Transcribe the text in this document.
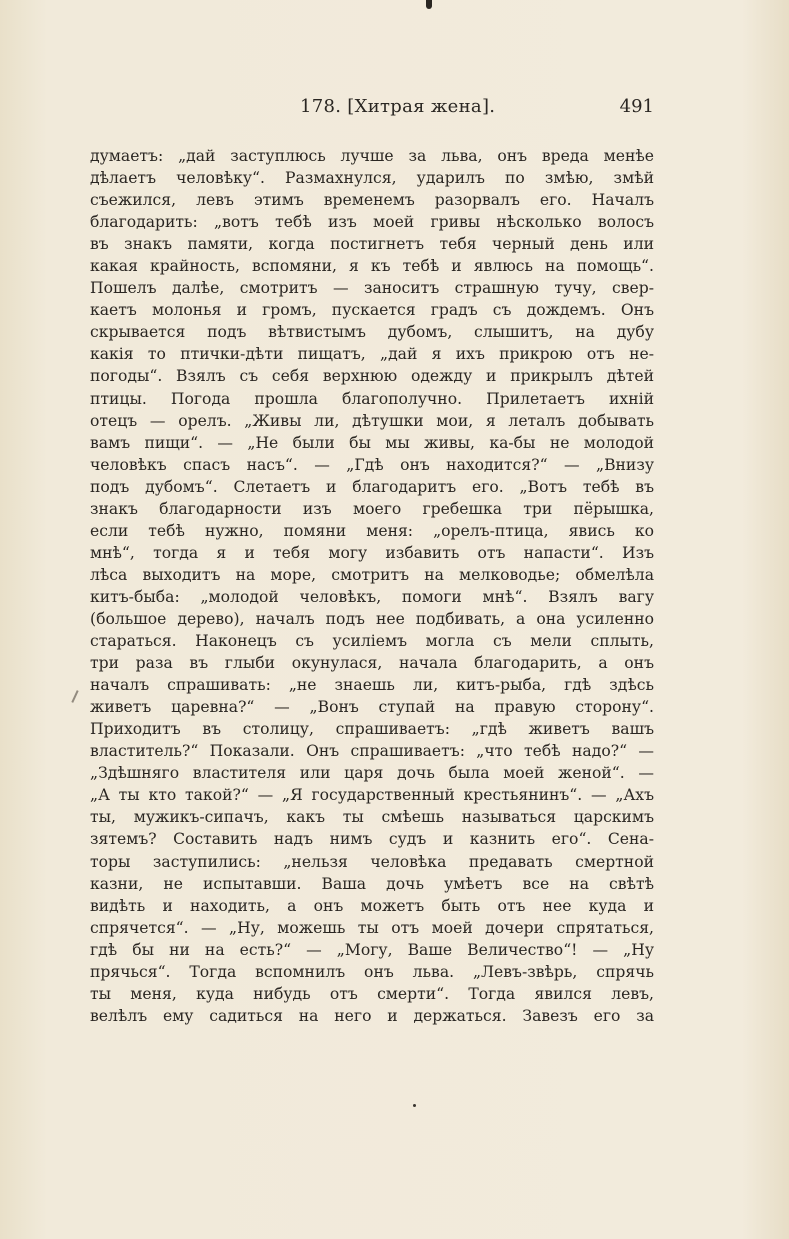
178. [Хитрая жена].	491
думаетъ: „дай заступлюсь лучше за льва, онъ вреда менѣе
дѣлаетъ человѣку“. Размахнулся, ударилъ по змѣю, змѣй
съежился, левъ этимъ временемъ разорвалъ его. Началъ
благодарить: „вотъ тебѣ изъ моей гривы нѣсколько волосъ
въ знакъ памяти, когда постигнетъ тебя черный день или
какая крайность, вспомяни, я къ тебѣ и явлюсь на помощь“.
Пошелъ далѣе, смотритъ — заноситъ страшную тучу, свер-
каетъ молонья и громъ, пускается градъ съ дождемъ. Онъ
скрывается подъ вѣтвистымъ дубомъ, слышитъ, на дубу
какія то птички-дѣти пищатъ, „дай я ихъ прикрою отъ не-
погоды“. Взялъ съ себя верхнюю одежду и прикрылъ дѣтей
птицы. Погода прошла благополучно. Прилетаетъ ихній
отецъ — орелъ. „Живы ли, дѣтушки мои, я леталъ добывать
вамъ пищи“. — „Не были бы мы живы, ка-бы не молодой
человѣкъ спасъ насъ“. — „Гдѣ онъ находится?“ — „Внизу
подъ дубомъ“. Слетаетъ и благодаритъ его. „Вотъ тебѣ въ
знакъ благодарности изъ моего гребешка три пёрышка,
если тебѣ нужно, помяни меня: „орелъ-птица, явись ко
мнѣ“, тогда я и тебя могу избавить отъ напасти“. Изъ
лѣса выходитъ на море, смотритъ на мелководье; обмелѣла
китъ-быба: „молодой человѣкъ, помоги мнѣ“. Взялъ вагу
(большое дерево), началъ подъ нее подбивать, а она усиленно
стараться. Наконецъ съ усиліемъ могла съ мели сплыть,
три раза въ глыби окунулася, начала благодарить, а онъ
началъ спрашивать: „не знаешь ли, китъ-рыба, гдѣ здѣсь
живетъ царевна?“ — „Вонъ ступай на правую сторону“.
Приходитъ въ столицу, спрашиваетъ: „гдѣ живетъ вашъ
властитель?“ Показали. Онъ спрашиваетъ: „что тебѣ надо?“ —
„Здѣшняго властителя или царя дочь была моей женой“. —
„А ты кто такой?“ — „Я государственный крестьянинъ“. — „Ахъ
ты, мужикъ-сипачъ, какъ ты смѣешь называться царскимъ
зятемъ? Составить надъ нимъ судъ и казнить его“. Сена-
торы заступились: „нельзя человѣка предавать смертной
казни, не испытавши. Ваша дочь умѣетъ все на свѣтѣ
видѣть и находить, а онъ можетъ быть отъ нее куда и
спрячется“. — „Ну, можешь ты отъ моей дочери спрятаться,
гдѣ бы ни на есть?“ — „Могу, Ваше Величество“! — „Ну
прячься“. Тогда вспомнилъ онъ льва. „Левъ-звѣрь, спрячь
ты меня, куда нибудь отъ смерти“. Тогда явился левъ,
велѣлъ ему садиться на него и держаться. Завезъ его за
